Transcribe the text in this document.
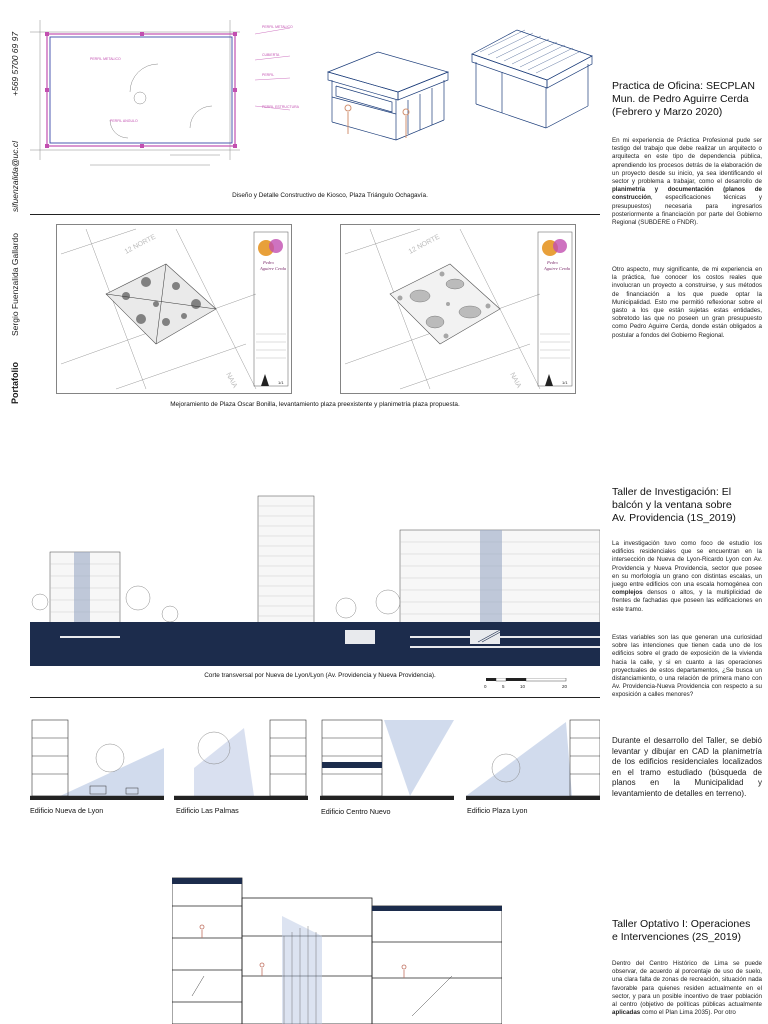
+569 5700 69 97
sifuenzalida@uc.cl
Sergio Fuenzalida Gallardo
Portafolio
PERFIL METALICO
CUBIERTA
PERFIL
PERFIL ESTRUCTURA
PERFIL METALICO
PERFIL ANGULO
Diseño y Detalle Constructivo de Kiosco, Plaza Triángulo Ochagavía.
12 NORTE
NAIA
Pedro
Aguirre Cerda
1/1
12 NORTE
NAIA
Pedro
Aguirre Cerda
1/1
Mejoramiento de Plaza Oscar Bonilla, levantamiento plaza preexistente y planimetría plaza propuesta.
Practica de Oficina: SECPLAN
Mun. de Pedro Aguirre Cerda
(Febrero y Marzo 2020)
En mi experiencia de Práctica Profesional pude ser testigo del trabajo que debe realizar un arquitecto o arquitecta en este tipo de dependencia pública, aprendiendo los procesos detrás de la elaboración de un proyecto desde su inicio, ya sea identificando el sector y problema a trabajar, como el desarrollo de planimetría y documentación (planos de construcción, especificaciones técnicas y presupuestos) necesaria para ingresarlos posteriormente a financiación por parte del Gobierno Regional (SUBDERE o FNDR).
Otro aspecto, muy significante, de mi experiencia en la práctica, fue conocer los costos reales que involucran un proyecto a construirse, y sus métodos de financiación a los que puede optar la Municipalidad. Esto me permitió reflexionar sobre el gasto a los que están sujetas estas entidades, sobretodo las que no poseen un gran presupuesto como Pedro Aguirre Cerda, donde están obligados a postular a fondos del Gobierno Regional.
Corte transversal por Nueva de Lyon/Lyon (Av. Providencia y Nueva Providencia).
0	5	10	20
Edificio Nueva de Lyon	Edificio Las Palmas	Edificio Centro Nuevo	Edificio Plaza Lyon
Taller de Investigación: El
balcón y la ventana sobre
Av. Providencia (1S_2019)
La investigación tuvo como foco de estudio los edificios residenciales que se encuentran en la intersección de Nueva de Lyon-Ricardo Lyon con Av. Providencia y Nueva Providencia, sector que posee en su morfología un grano con distintas escalas, un juego entre edificios con una escala homogénea con complejos densos o altos, y la multiplicidad de frentes de fachadas que poseen las edificaciones en este tramo.
Estas variables son las que generan una curiosidad sobre las intenciones que tienen cada uno de los edificios sobre el grado de exposición de la vivienda hacia la calle, y si en cuanto a las operaciones proyectuales de estos departamentos, ¿Se busca un distanciamiento, o una relación de primera mano con Av. Providencia-Nueva Providencia con respecto a su exposición a calles menores?
Durante el desarrollo del Taller, se debió levantar y dibujar en CAD la planimetría de los edificios residenciales localizados en el tramo estudiado (búsqueda de planos en la Municipalidad y levantamiento de detalles en terreno).
Taller Optativo I: Operaciones
e Intervenciones (2S_2019)
Dentro del Centro Histórico de Lima se puede observar, de acuerdo al porcentaje de uso de suelo, una clara falta de zonas de recreación, situación nada favorable para quienes residen actualmente en el sector, y para un posible incentivo de traer población al centro (objetivo de políticas públicas actualmente aplicadas como el Plan Lima 2035). Por otro
